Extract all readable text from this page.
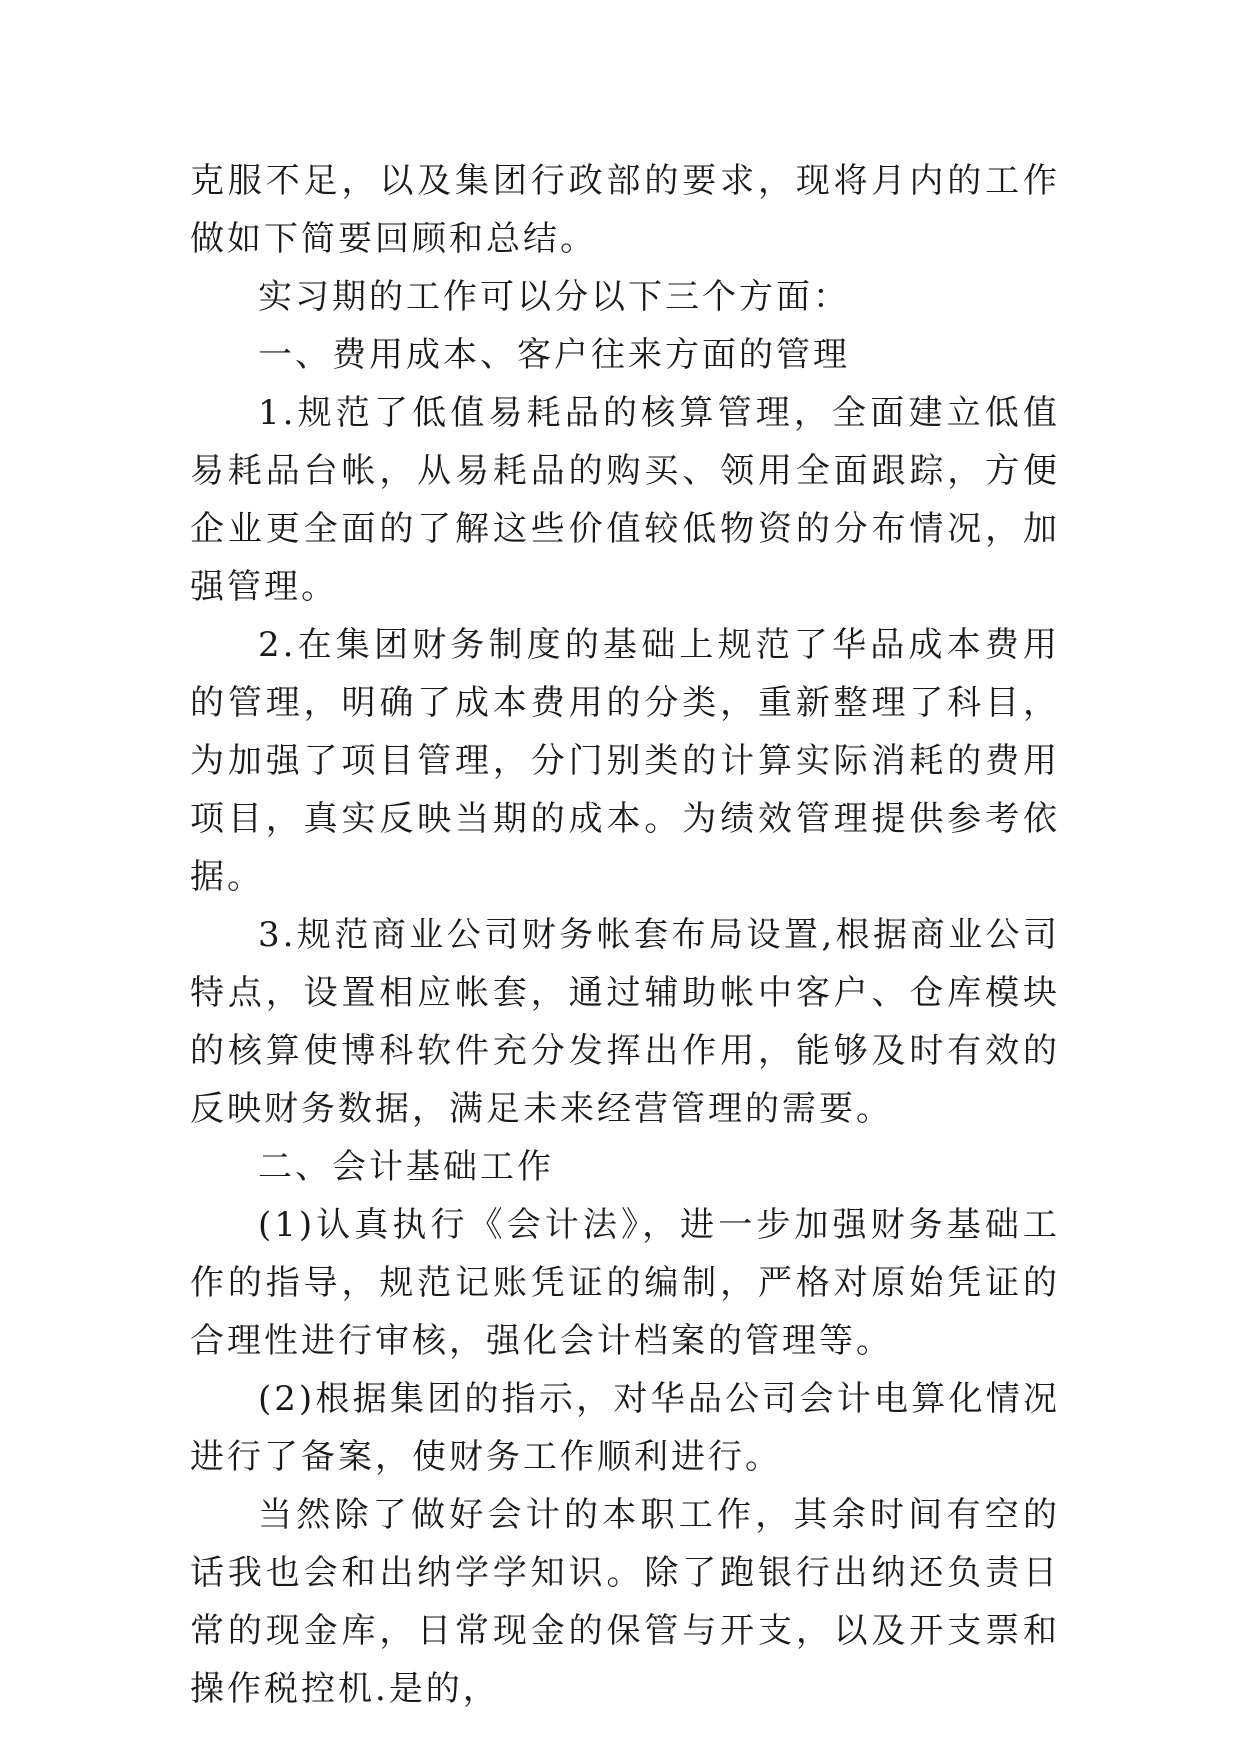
克服不足，以及集团行政部的要求，现将月内的工作做如下简要回顾和总结。

实习期的工作可以分以下三个方面：

一、费用成本、客户往来方面的管理

1.规范了低值易耗品的核算管理，全面建立低值易耗品台帐，从易耗品的购买、领用全面跟踪，方便企业更全面的了解这些价值较低物资的分布情况，加强管理。

2.在集团财务制度的基础上规范了华品成本费用的管理，明确了成本费用的分类，重新整理了科目，为加强了项目管理，分门别类的计算实际消耗的费用项目，真实反映当期的成本。为绩效管理提供参考依据。

3.规范商业公司财务帐套布局设置,根据商业公司特点，设置相应帐套，通过辅助帐中客户、仓库模块的核算使博科软件充分发挥出作用，能够及时有效的反映财务数据，满足未来经营管理的需要。

二、会计基础工作

(1)认真执行《会计法》，进一步加强财务基础工作的指导，规范记账凭证的编制，严格对原始凭证的合理性进行审核，强化会计档案的管理等。

(2)根据集团的指示，对华品公司会计电算化情况进行了备案，使财务工作顺利进行。

当然除了做好会计的本职工作，其余时间有空的话我也会和出纳学学知识。除了跑银行出纳还负责日常的现金库，日常现金的保管与开支，以及开支票和操作税控机.是的，
